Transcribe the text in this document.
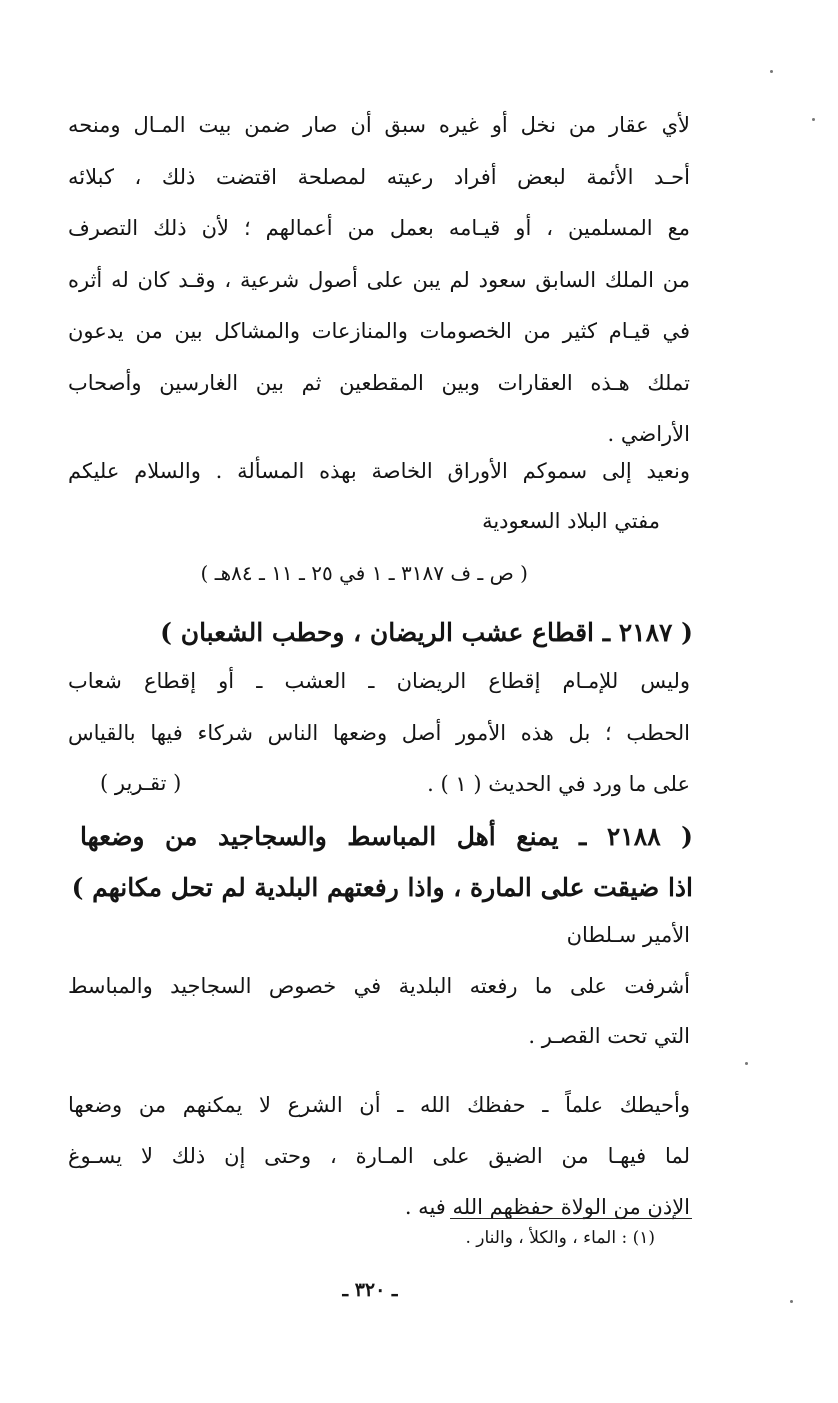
لأي عقار من نخل أو غيره سبق أن صار ضمن بيت المـال ومنحه
أحـد الأئمة لبعض أفراد رعيته لمصلحة اقتضت ذلك ، كبلائه
مع المسلمين ، أو قيـامه بعمل من أعمالهم ؛ لأن ذلك التصرف
من الملك السابق سعود لم يبن على أصول شرعية ، وقـد كان له أثره
في قيـام كثير من الخصومات والمنازعات والمشاكل بين من يدعون
تملك هـذه العقارات وبين المقطعين ثم بين الغارسين وأصحاب
الأراضي .
ونعيد إلى سموكم الأوراق الخاصة بهذه المسألة . والسلام عليكم
مفتي البلاد السعودية
( ص ـ ف ٣١٨٧ ـ ١ في ٢٥ ـ ١١ ـ ٨٤هـ )
( ٢١٨٧ ـ اقطاع عشب الريضان ، وحطب الشعبان )
وليس للإمـام إقطاع الريضان ـ العشب ـ أو إقطاع شعاب
الحطب ؛ بل هذه الأمور أصل وضعها الناس شركاء فيها بالقياس
على ما ورد في الحديث ( ١ ) .
( تقـرير )
( ٢١٨٨ ـ يمنع أهل المباسط والسجاجيد من وضعها
اذا ضيقت على المارة ، واذا رفعتهم البلدية لم تحل مكانهم )
الأمير سـلطان
أشرفت على ما رفعته البلدية في خصوص السجاجيد والمباسط
التي تحت القصـر .
وأحيطك علماً ـ حفظك الله ـ أن الشرع لا يمكنهم من وضعها
لما فيهـا من الضيق على المـارة ، وحتى إن ذلك لا يسـوغ
الإذن من الولاة حفظهم الله فيه .
(١) : الماء ، والكلأ ، والنار .
ـ ٣٢٠ ـ
